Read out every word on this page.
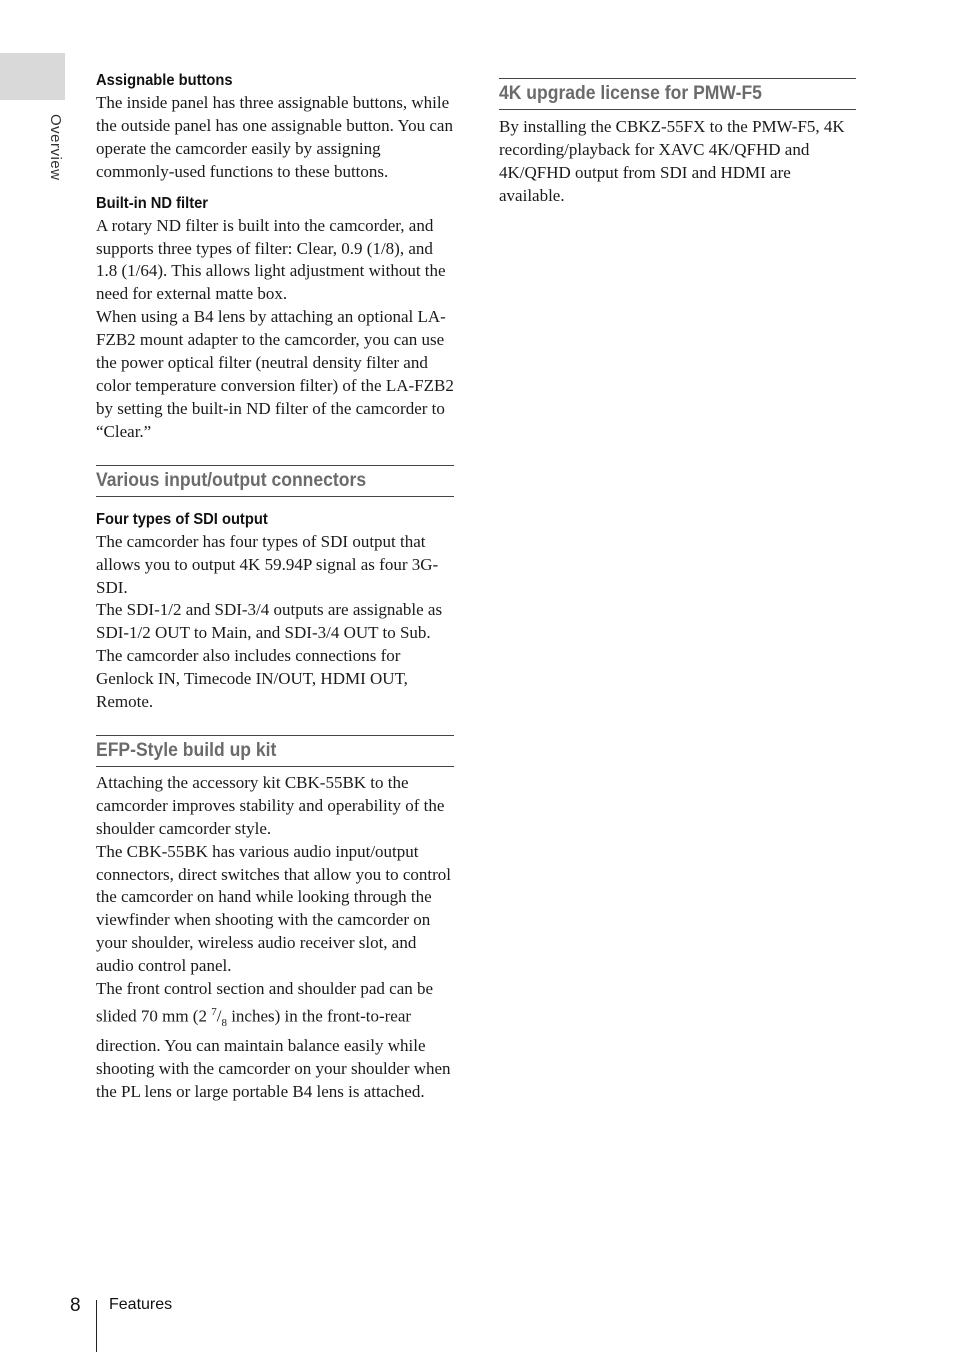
Overview
Assignable buttons

The inside panel has three assignable buttons, while the outside panel has one assignable button. You can operate the camcorder easily by assigning commonly-used functions to these buttons.

Built-in ND filter

A rotary ND filter is built into the camcorder, and supports three types of filter: Clear, 0.9 (1/8), and 1.8 (1/64). This allows light adjustment without the need for external matte box.

When using a B4 lens by attaching an optional LA-FZB2 mount adapter to the camcorder, you can use the power optical filter (neutral density filter and color temperature conversion filter) of the LA-FZB2 by setting the built-in ND filter of the camcorder to “Clear.”

Various input/output connectors
Four types of SDI output

The camcorder has four types of SDI output that allows you to output 4K 59.94P signal as four 3G-SDI.

The SDI-1/2 and SDI-3/4 outputs are assignable as SDI-1/2 OUT to Main, and SDI-3/4 OUT to Sub.

The camcorder also includes connections for Genlock IN, Timecode IN/OUT, HDMI OUT, Remote.

EFP-Style build up kit

Attaching the accessory kit CBK-55BK to the camcorder improves stability and operability of the shoulder camcorder style.

The CBK-55BK has various audio input/output connectors, direct switches that allow you to control the camcorder on hand while looking through the viewfinder when shooting with the camcorder on your shoulder, wireless audio receiver slot, and audio control panel.

The front control section and shoulder pad can be slided 70 mm (2 $^7/_8$ inches) in the front-to-rear direction. You can maintain balance easily while shooting with the camcorder on your shoulder when the PL lens or large portable B4 lens is attached.

4K upgrade license for PMW-F5

By installing the CBKZ-55FX to the PMW-F5, 4K recording/playback for XAVC 4K/QFHD and 4K/QFHD output from SDI and HDMI are available.

8 Features
